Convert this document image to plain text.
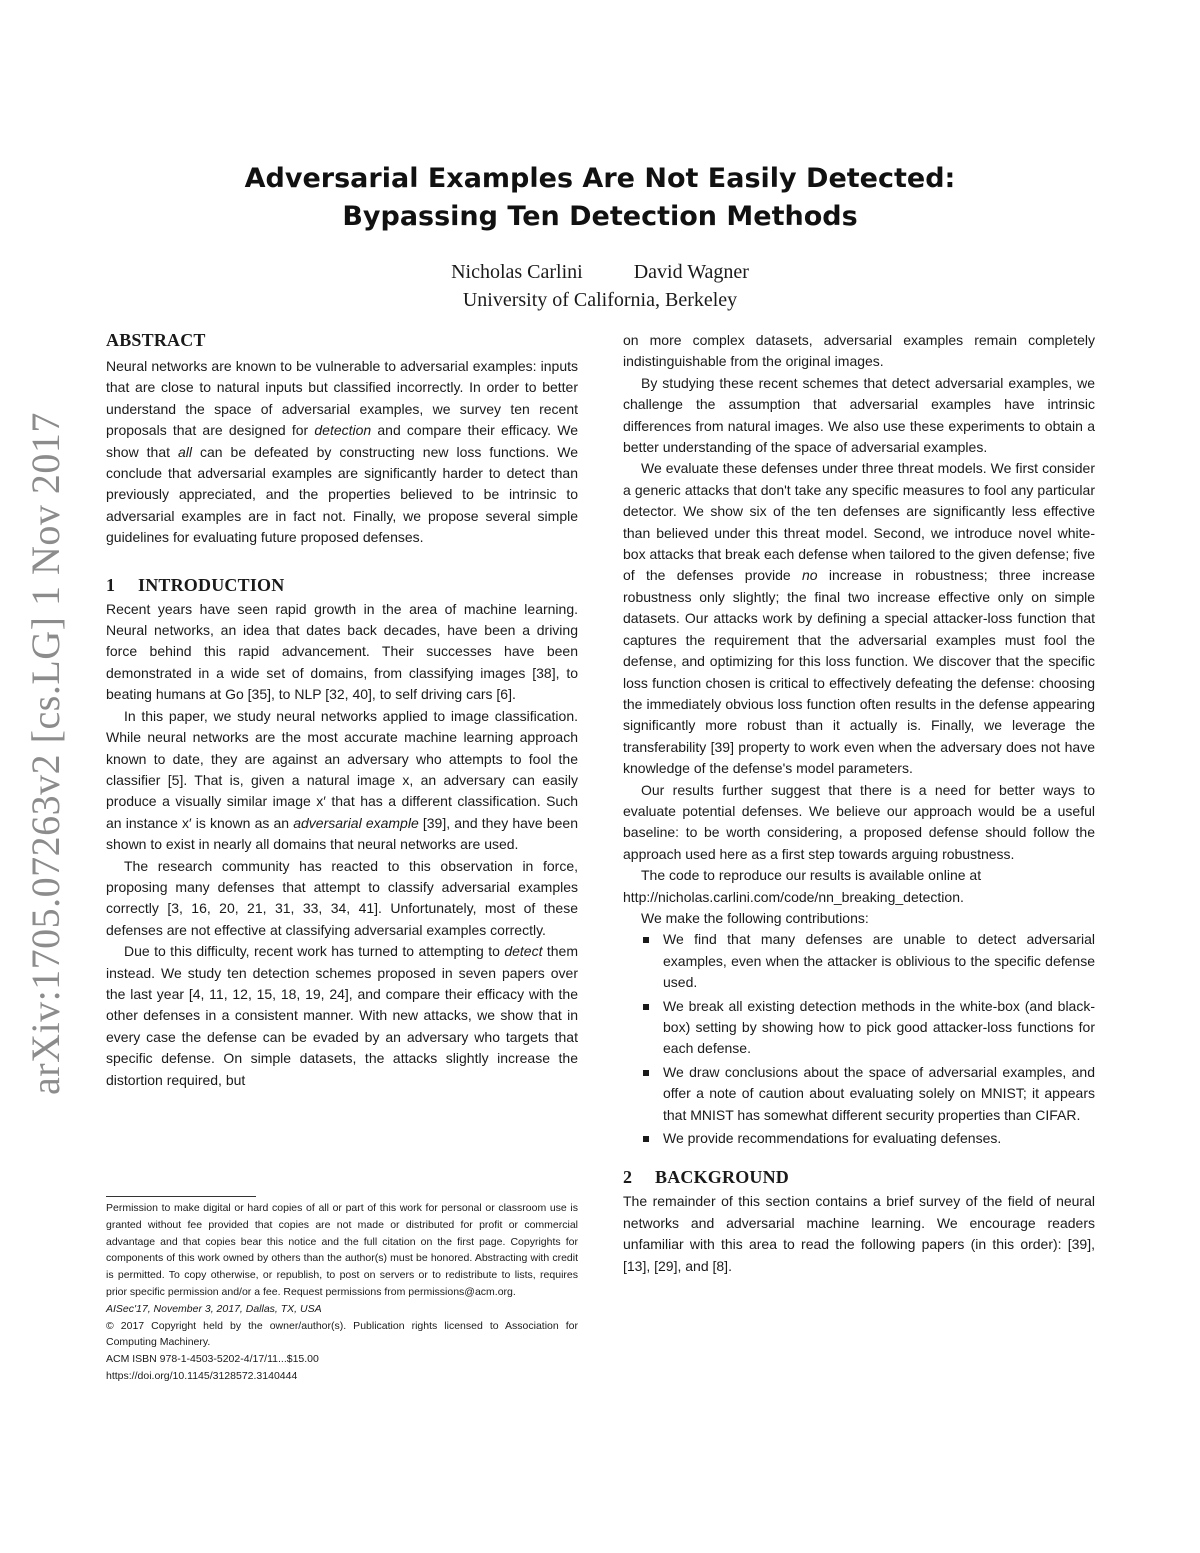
arXiv:1705.07263v2 [cs.LG] 1 Nov 2017
Adversarial Examples Are Not Easily Detected:
Bypassing Ten Detection Methods
Nicholas Carlini	David Wagner
University of California, Berkeley
ABSTRACT

Neural networks are known to be vulnerable to adversarial examples: inputs that are close to natural inputs but classified incorrectly. In order to better understand the space of adversarial examples, we survey ten recent proposals that are designed for detection and compare their efficacy. We show that all can be defeated by constructing new loss functions. We conclude that adversarial examples are significantly harder to detect than previously appreciated, and the properties believed to be intrinsic to adversarial examples are in fact not. Finally, we propose several simple guidelines for evaluating future proposed defenses.

1 INTRODUCTION

Recent years have seen rapid growth in the area of machine learning. Neural networks, an idea that dates back decades, have been a driving force behind this rapid advancement. Their successes have been demonstrated in a wide set of domains, from classifying images [38], to beating humans at Go [35], to NLP [32, 40], to self driving cars [6].

In this paper, we study neural networks applied to image classification. While neural networks are the most accurate machine learning approach known to date, they are against an adversary who attempts to fool the classifier [5]. That is, given a natural image x, an adversary can easily produce a visually similar image x′ that has a different classification. Such an instance x′ is known as an adversarial example [39], and they have been shown to exist in nearly all domains that neural networks are used.

The research community has reacted to this observation in force, proposing many defenses that attempt to classify adversarial examples correctly [3, 16, 20, 21, 31, 33, 34, 41]. Unfortunately, most of these defenses are not effective at classifying adversarial examples correctly.

Due to this difficulty, recent work has turned to attempting to detect them instead. We study ten detection schemes proposed in seven papers over the last year [4, 11, 12, 15, 18, 19, 24], and compare their efficacy with the other defenses in a consistent manner. With new attacks, we show that in every case the defense can be evaded by an adversary who targets that specific defense. On simple datasets, the attacks slightly increase the distortion required, but

Permission to make digital or hard copies of all or part of this work for personal or classroom use is granted without fee provided that copies are not made or distributed for profit or commercial advantage and that copies bear this notice and the full citation on the first page. Copyrights for components of this work owned by others than the author(s) must be honored. Abstracting with credit is permitted. To copy otherwise, or republish, to post on servers or to redistribute to lists, requires prior specific permission and/or a fee. Request permissions from permissions@acm.org.

AISec'17, November 3, 2017, Dallas, TX, USA

© 2017 Copyright held by the owner/author(s). Publication rights licensed to Association for Computing Machinery.

ACM ISBN 978-1-4503-5202-4/17/11...$15.00

https://doi.org/10.1145/3128572.3140444

on more complex datasets, adversarial examples remain completely indistinguishable from the original images.

By studying these recent schemes that detect adversarial examples, we challenge the assumption that adversarial examples have intrinsic differences from natural images. We also use these experiments to obtain a better understanding of the space of adversarial examples.

We evaluate these defenses under three threat models. We first consider a generic attacks that don't take any specific measures to fool any particular detector. We show six of the ten defenses are significantly less effective than believed under this threat model. Second, we introduce novel white-box attacks that break each defense when tailored to the given defense; five of the defenses provide no increase in robustness; three increase robustness only slightly; the final two increase effective only on simple datasets. Our attacks work by defining a special attacker-loss function that captures the requirement that the adversarial examples must fool the defense, and optimizing for this loss function. We discover that the specific loss function chosen is critical to effectively defeating the defense: choosing the immediately obvious loss function often results in the defense appearing significantly more robust than it actually is. Finally, we leverage the transferability [39] property to work even when the adversary does not have knowledge of the defense's model parameters.

Our results further suggest that there is a need for better ways to evaluate potential defenses. We believe our approach would be a useful baseline: to be worth considering, a proposed defense should follow the approach used here as a first step towards arguing robustness.

The code to reproduce our results is available online at

http://nicholas.carlini.com/code/nn_breaking_detection.

We make the following contributions:

We find that many defenses are unable to detect adversarial examples, even when the attacker is oblivious to the specific defense used.
We break all existing detection methods in the white-box (and black-box) setting by showing how to pick good attacker-loss functions for each defense.
We draw conclusions about the space of adversarial examples, and offer a note of caution about evaluating solely on MNIST; it appears that MNIST has somewhat different security properties than CIFAR.
We provide recommendations for evaluating defenses.
2 BACKGROUND

The remainder of this section contains a brief survey of the field of neural networks and adversarial machine learning. We encourage readers unfamiliar with this area to read the following papers (in this order): [39], [13], [29], and [8].
